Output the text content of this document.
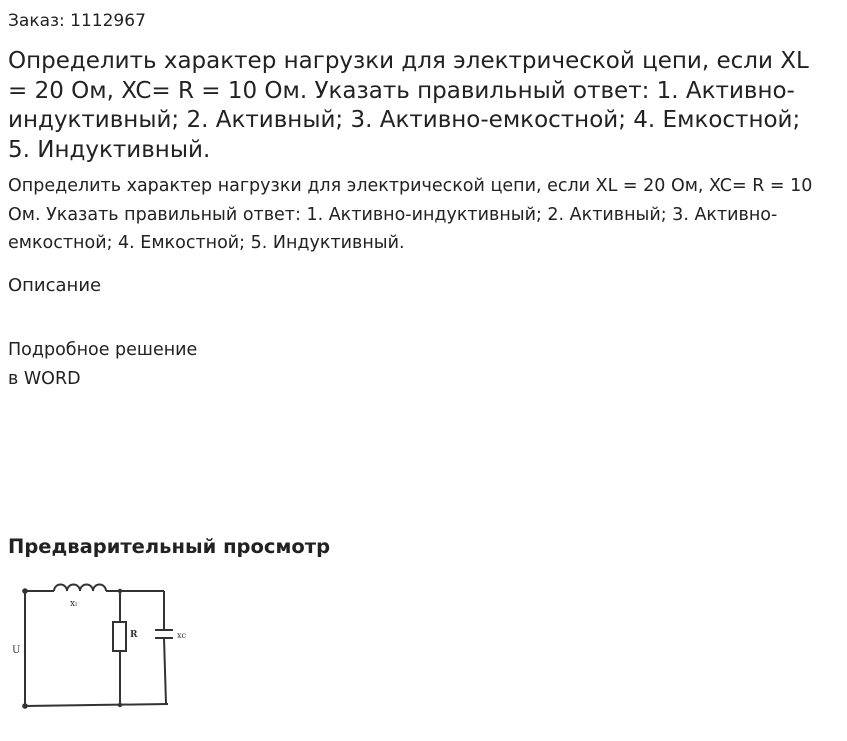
Заказ: 1112967
Определить характер нагрузки для электрической цепи, если XL = 20 Ом, XC= R = 10 Ом. Указать правильный ответ: 1. Активно-индуктивный; 2. Активный; 3. Активно-емкостной; 4. Емкостной; 5. Индуктивный.

Определить характер нагрузки для электрической цепи, если XL = 20 Ом, XC= R = 10 Ом. Указать правильный ответ: 1. Активно-индуктивный; 2. Активный; 3. Активно-емкостной; 4. Емкостной; 5. Индуктивный.

Описание
Подробное решение
в WORD
Предварительный просмотр
xₗ
R	xc
U
